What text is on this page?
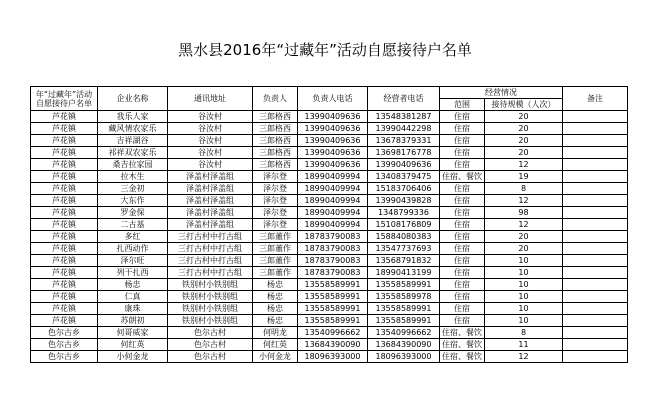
黑水县2016年“过藏年”活动自愿接待户名单
年“过藏年”活动自愿接待户名单	企业名称	通讯地址	负责人	负责人电话	经营者电话	经营情况		备注
						范围	接待规模（人次）	
芦花镇	我乐人家	谷汝村	三郎格西	13990409636	13548381287	住宿	20	
芦花镇	藏风情农家乐	谷汝村	三郎格西	13990409636	13990442298	住宿	20	
芦花镇	吉祥湖谷	谷汝村	三郎格西	13990409636	13678379331	住宿	20	
芦花镇	祁祥双农家乐	谷汝村	三郎格西	13990409636	13698176778	住宿	20	
芦花镇	桑吉拉家园	谷汝村	三郎格西	13990409636	13990409636	住宿	12	
芦花镇	拉木生	泽盖村泽盖组	泽尔登	18990409994	13408379475	住宿、餐饮	19	
芦花镇	三金初	泽盖村泽盖组	泽尔登	18990409994	15183706406	住宿	8	
芦花镇	大东作	泽盖村泽盖组	泽尔登	18990409994	13990439828	住宿	12	
芦花镇	罗金保	泽盖村泽盖组	泽尔登	18990409994	1348799336	住宿	98	
芦花镇	二古基	泽盖村泽盖组	泽尔登	18990409994	15108176809	住宿	12	
芦花镇	多红	三打古村中打古组	三郎董作	18783790083	15884080383	住宿	20	
芦花镇	扎西动作	三打古村中打古组	三郎董作	18783790083	13547737693	住宿	20	
芦花镇	泽尔旺	三打古村中打古组	三郎董作	18783790083	13568791832	住宿	10	
芦花镇	列干扎西	三打古村中打古组	三郎董作	18783790083	18990413199	住宿	10	
芦花镇	杨忠	铁别村小铁别组	杨忠	13558589991	13558589991	住宿	10	
芦花镇	仁真	铁别村小铁别组	杨忠	13558589991	13558589978	住宿	10	
芦花镇	康珠	铁别村小铁别组	杨忠	13558589991	13558589991	住宿	10	
芦花镇	苏朗初	铁别村小铁别组	杨忠	13558589991	13558589991	住宿	10	
色尔古乡	何哥威家	色尔古村	何明龙	13540996662	13540996662	住宿、餐饮	8	
色尔古乡	何红英	色尔古村	何红英	13684390090	13684390090	住宿、餐饮	11	
色尔古乡	小何金龙	色尔古村	小何金龙	18096393000	18096393000	住宿、餐饮	12	
